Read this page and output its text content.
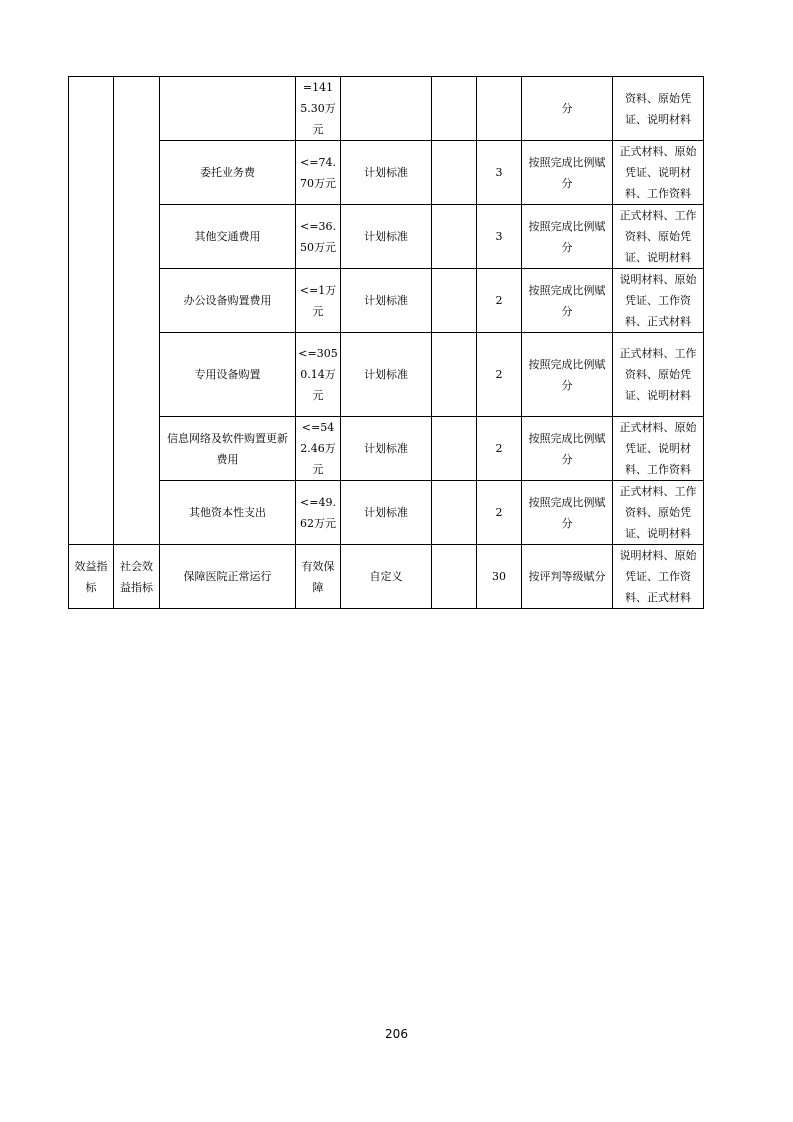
			=1415.30万元				分	资料、原始凭证、说明材料
		委托业务费	<=74.70万元	计划标准		3	按照完成比例赋分	正式材料、原始凭证、说明材料、工作资料
		其他交通费用	<=36.50万元	计划标准		3	按照完成比例赋分	正式材料、工作资料、原始凭证、说明材料
		办公设备购置费用	<=1万元	计划标准		2	按照完成比例赋分	说明材料、原始凭证、工作资料、正式材料
		专用设备购置	<=3050.14万元	计划标准		2	按照完成比例赋分	正式材料、工作资料、原始凭证、说明材料
		信息网络及软件购置更新费用	<=542.46万元	计划标准		2	按照完成比例赋分	正式材料、原始凭证、说明材料、工作资料
		其他资本性支出	<=49.62万元	计划标准		2	按照完成比例赋分	正式材料、工作资料、原始凭证、说明材料
效益指标	社会效益指标	保障医院正常运行	有效保障	自定义		30	按评判等级赋分	说明材料、原始凭证、工作资料、正式材料
206
